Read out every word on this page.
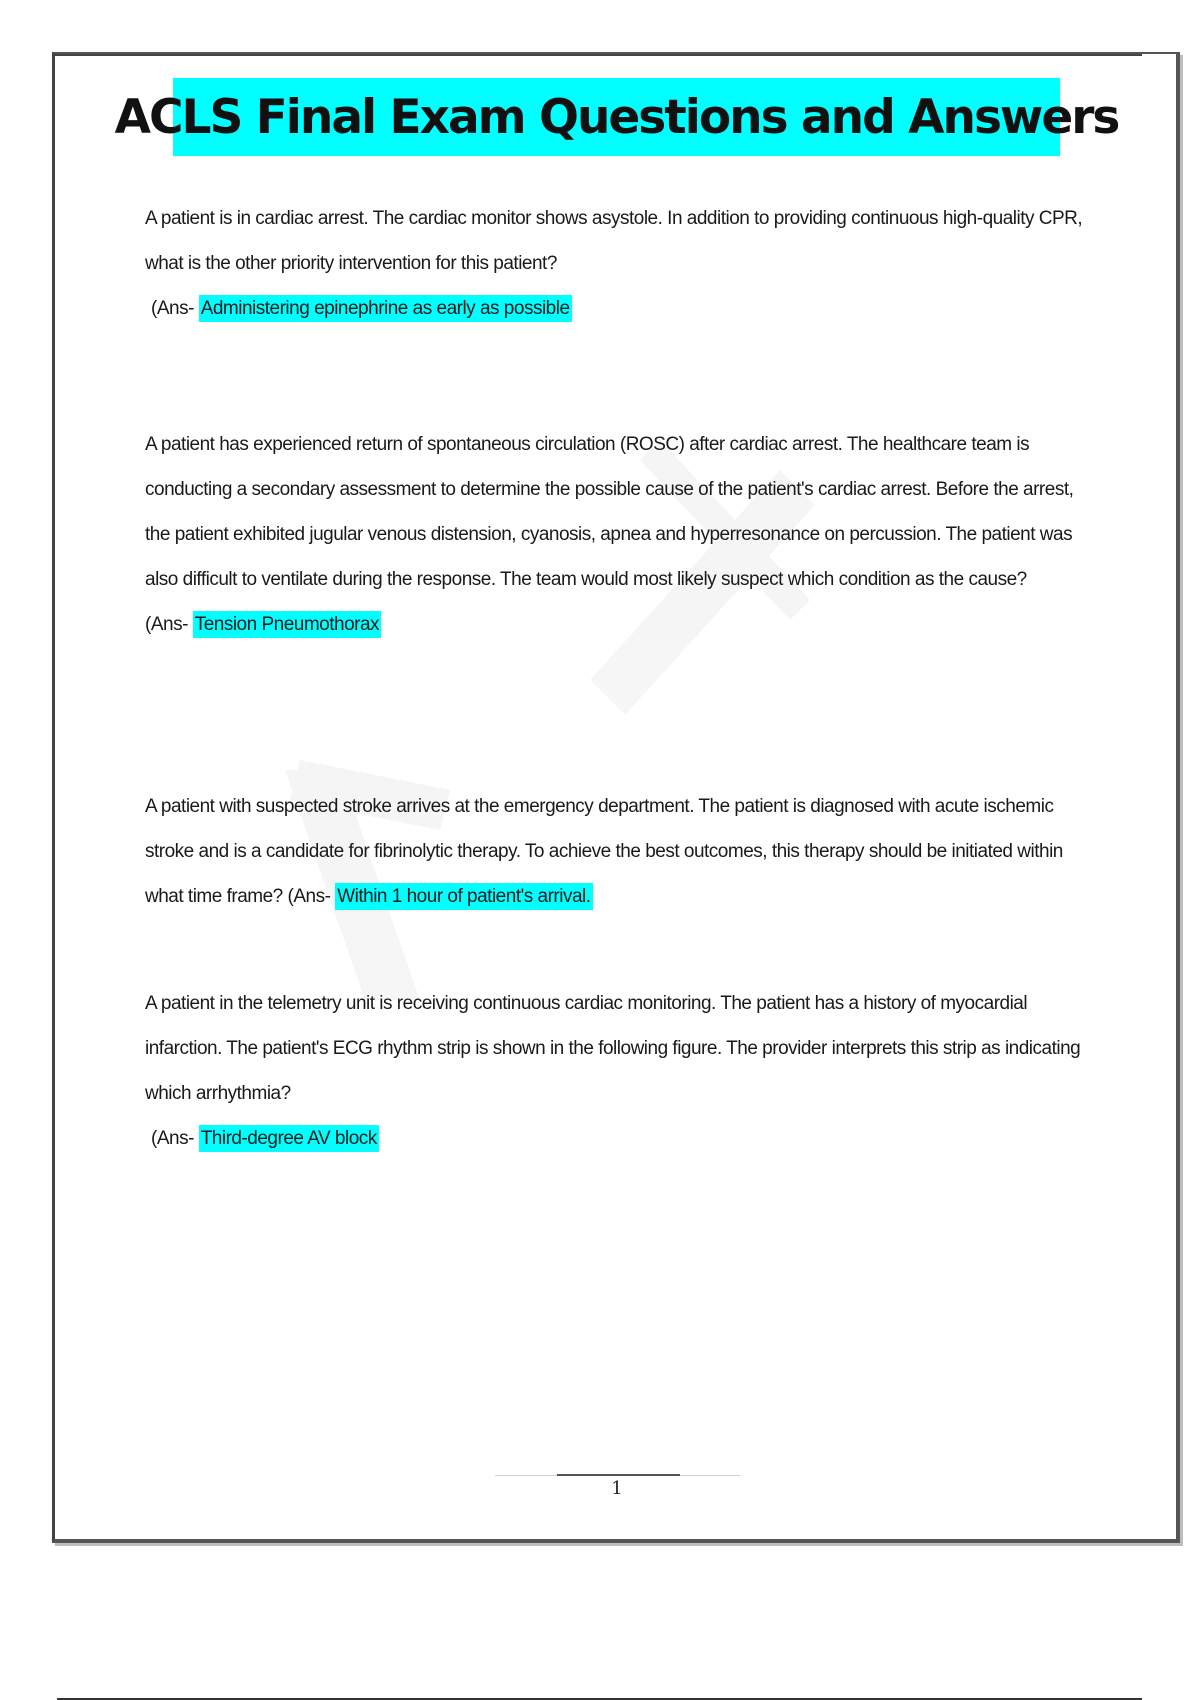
ACLS Final Exam Questions and Answers

A patient is in cardiac arrest. The cardiac monitor shows asystole. In addition to providing continuous high-quality CPR, what is the other priority intervention for this patient?

(Ans- Administering epinephrine as early as possible

A patient has experienced return of spontaneous circulation (ROSC) after cardiac arrest. The healthcare team is conducting a secondary assessment to determine the possible cause of the patient's cardiac arrest. Before the arrest, the patient exhibited jugular venous distension, cyanosis, apnea and hyperresonance on percussion. The patient was also difficult to ventilate during the response. The team would most likely suspect which condition as the cause?

(Ans- Tension Pneumothorax

A patient with suspected stroke arrives at the emergency department. The patient is diagnosed with acute ischemic stroke and is a candidate for fibrinolytic therapy. To achieve the best outcomes, this therapy should be initiated within what time frame? (Ans- Within 1 hour of patient's arrival.

A patient in the telemetry unit is receiving continuous cardiac monitoring. The patient has a history of myocardial infarction. The patient's ECG rhythm strip is shown in the following figure. The provider interprets this strip as indicating which arrhythmia?

(Ans- Third-degree AV block

1
